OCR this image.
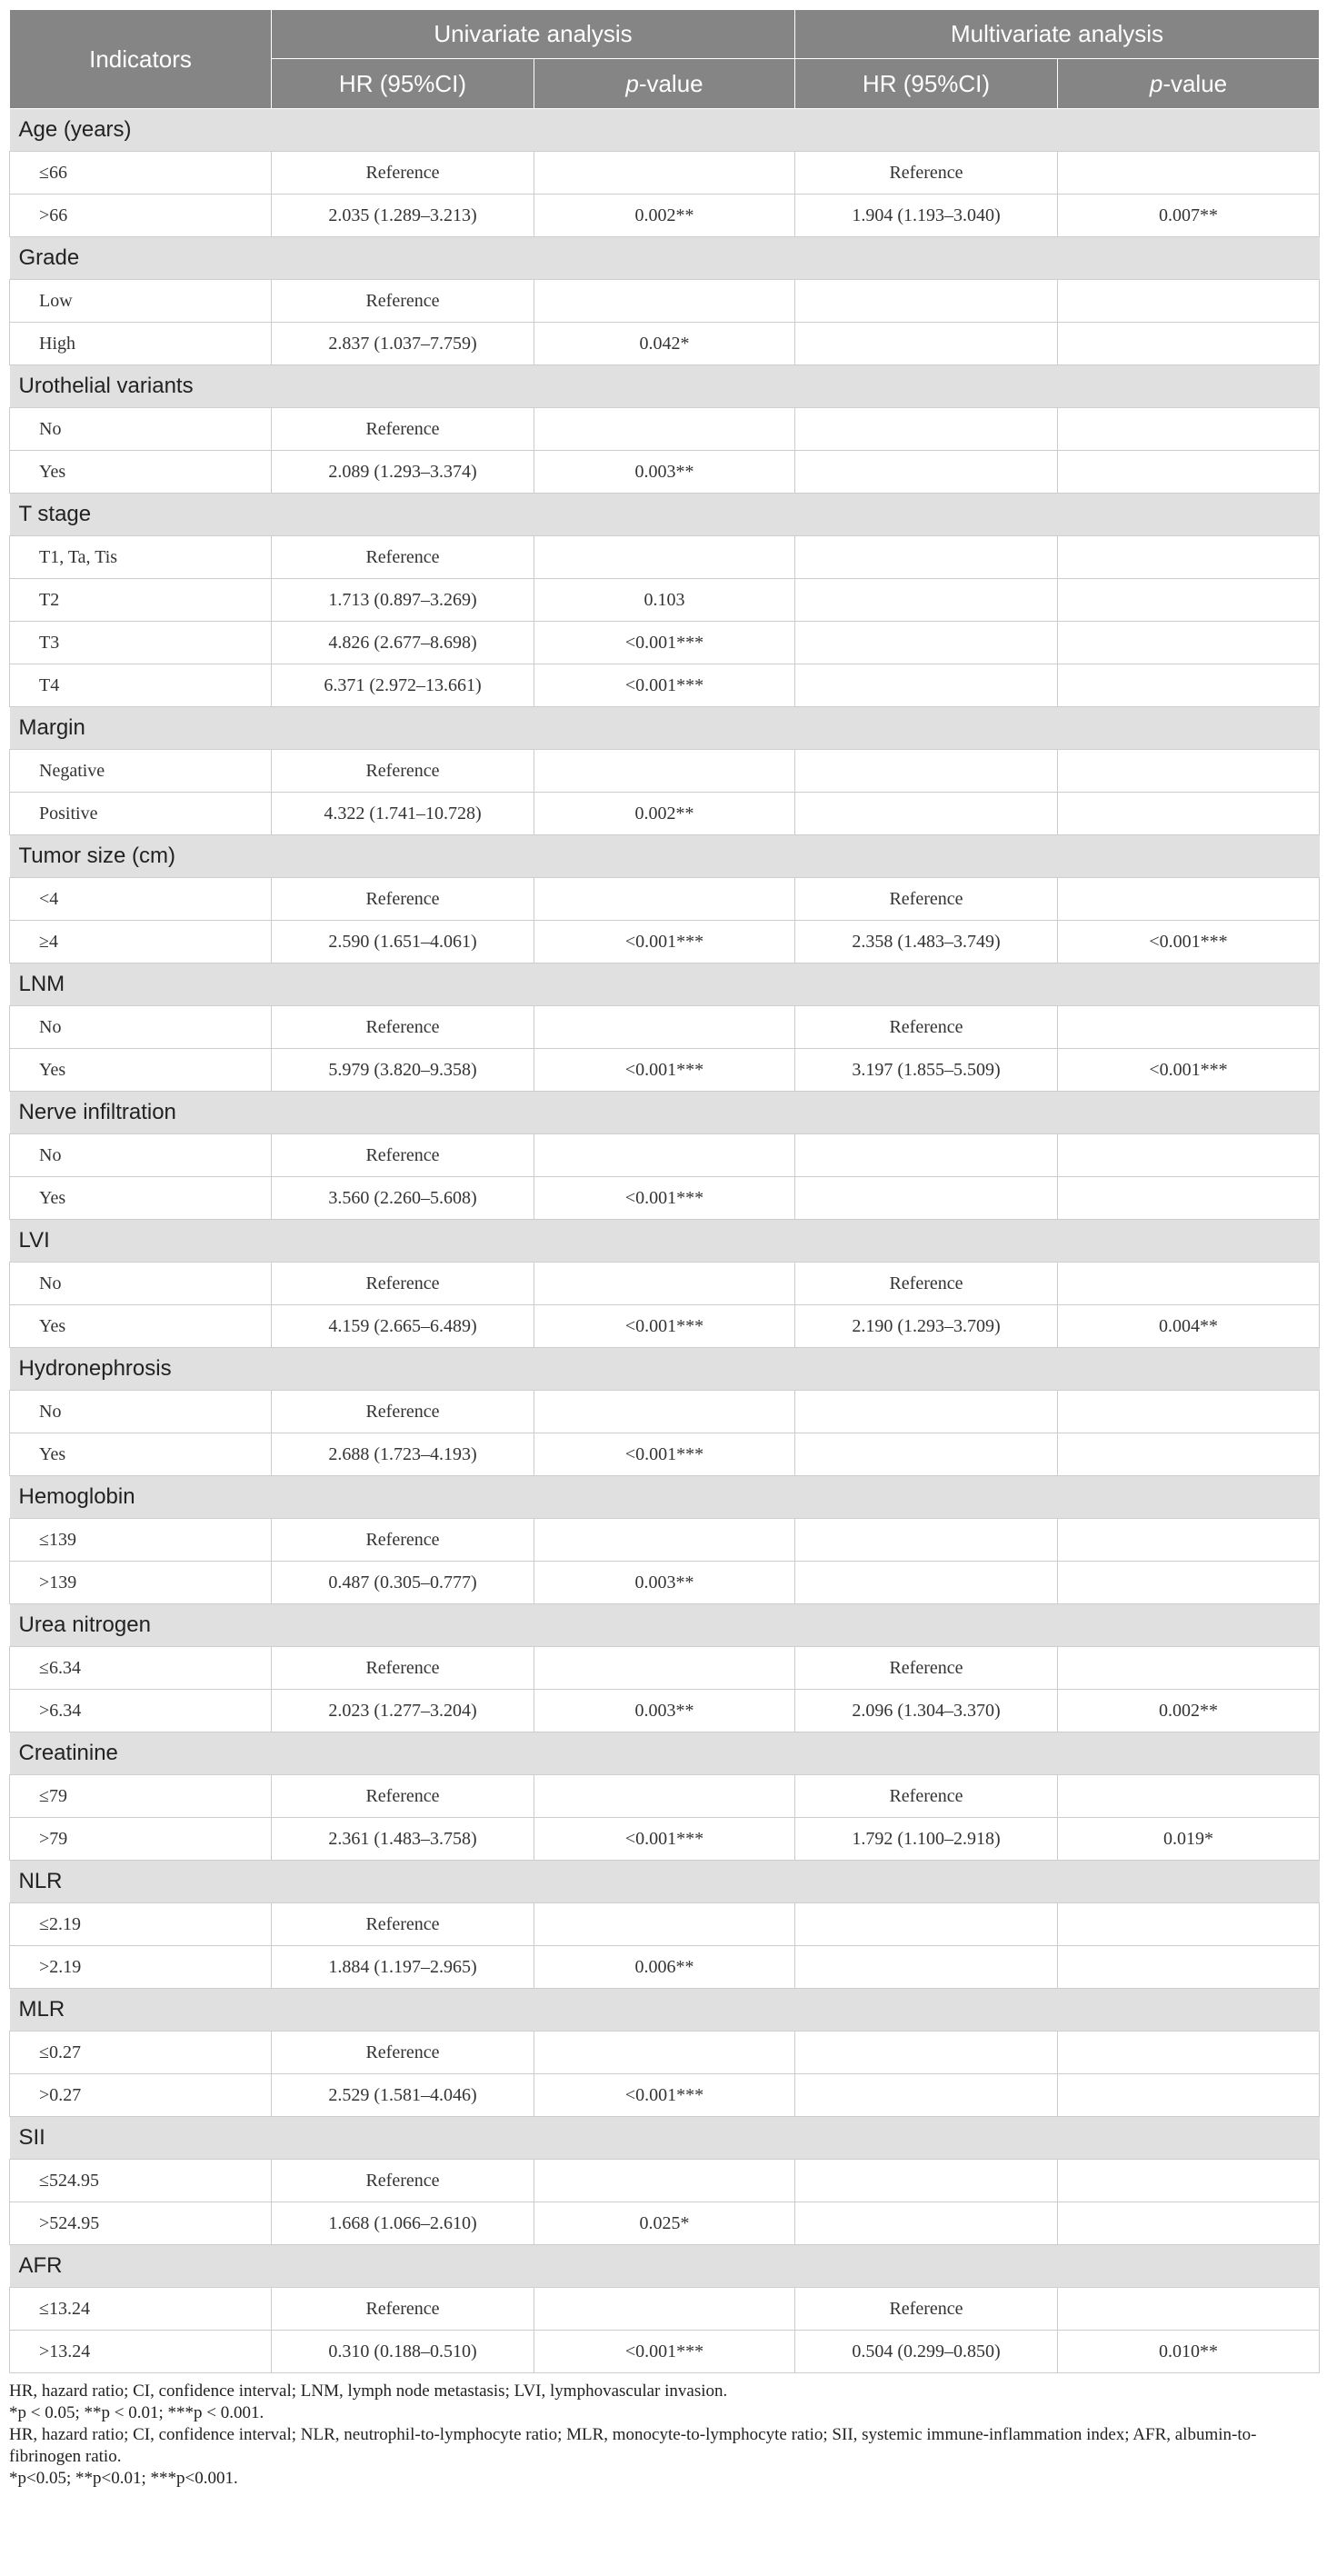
Indicators	Univariate analysis		Multivariate analysis	
	HR (95%CI)	p-value	HR (95%CI)	p-value
Age (years)				
≤66	Reference		Reference	
>66	2.035 (1.289–3.213)	0.002**	1.904 (1.193–3.040)	0.007**
Grade				
Low	Reference			
High	2.837 (1.037–7.759)	0.042*		
Urothelial variants				
No	Reference			
Yes	2.089 (1.293–3.374)	0.003**		
T stage				
T1, Ta, Tis	Reference			
T2	1.713 (0.897–3.269)	0.103		
T3	4.826 (2.677–8.698)	<0.001***		
T4	6.371 (2.972–13.661)	<0.001***		
Margin				
Negative	Reference			
Positive	4.322 (1.741–10.728)	0.002**		
Tumor size (cm)				
<4	Reference		Reference	
≥4	2.590 (1.651–4.061)	<0.001***	2.358 (1.483–3.749)	<0.001***
LNM				
No	Reference		Reference	
Yes	5.979 (3.820–9.358)	<0.001***	3.197 (1.855–5.509)	<0.001***
Nerve infiltration				
No	Reference			
Yes	3.560 (2.260–5.608)	<0.001***		
LVI				
No	Reference		Reference	
Yes	4.159 (2.665–6.489)	<0.001***	2.190 (1.293–3.709)	0.004**
Hydronephrosis				
No	Reference			
Yes	2.688 (1.723–4.193)	<0.001***		
Hemoglobin				
≤139	Reference			
>139	0.487 (0.305–0.777)	0.003**		
Urea nitrogen				
≤6.34	Reference		Reference	
>6.34	2.023 (1.277–3.204)	0.003**	2.096 (1.304–3.370)	0.002**
Creatinine				
≤79	Reference		Reference	
>79	2.361 (1.483–3.758)	<0.001***	1.792 (1.100–2.918)	0.019*
NLR				
≤2.19	Reference			
>2.19	1.884 (1.197–2.965)	0.006**		
MLR				
≤0.27	Reference			
>0.27	2.529 (1.581–4.046)	<0.001***		
SII				
≤524.95	Reference			
>524.95	1.668 (1.066–2.610)	0.025*		
AFR				
≤13.24	Reference		Reference	
>13.24	0.310 (0.188–0.510)	<0.001***	0.504 (0.299–0.850)	0.010**

HR, hazard ratio; CI, confidence interval; LNM, lymph node metastasis; LVI, lymphovascular invasion.

*p < 0.05; **p < 0.01; ***p < 0.001.

HR, hazard ratio; CI, confidence interval; NLR, neutrophil-to-lymphocyte ratio; MLR, monocyte-to-lymphocyte ratio; SII, systemic immune-inflammation index; AFR, albumin-to-fibrinogen ratio.

*p<0.05; **p<0.01; ***p<0.001.
